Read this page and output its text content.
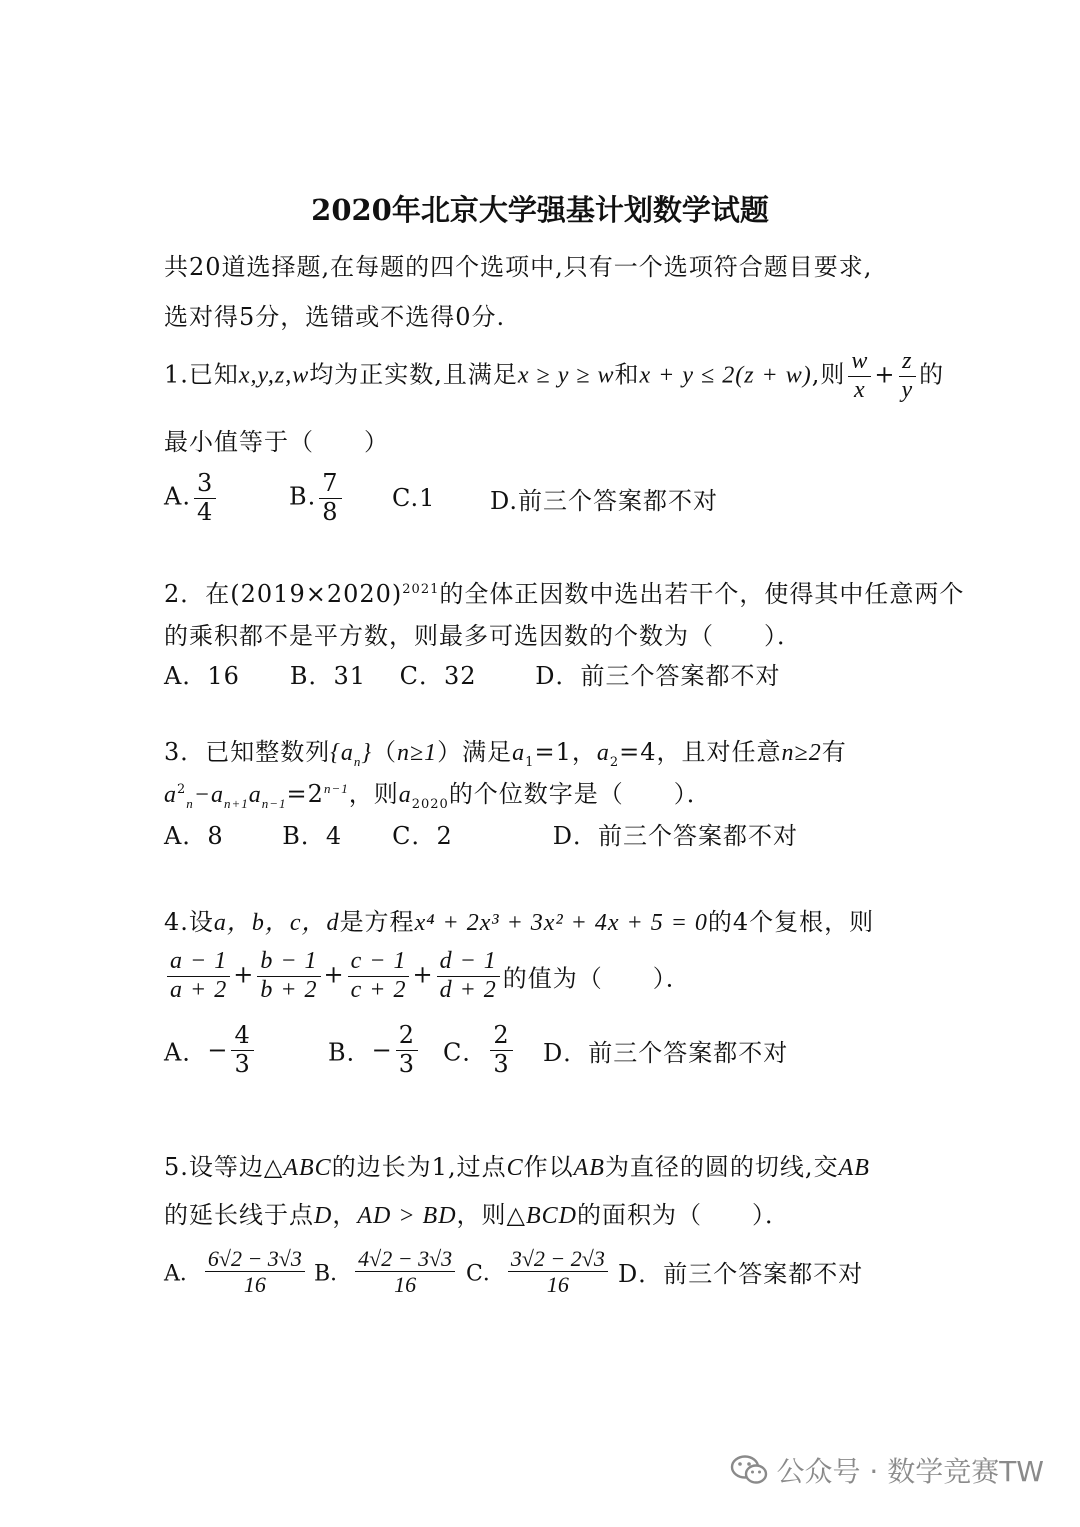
2020年北京大学强基计划数学试题
共20道选择题,在每题的四个选项中,只有一个选项符合题目要求,
选对得5分，选错或不选得0分.
1.已知x,y,z,w均为正实数,且满足x ≥ y ≥ w和x + y ≤ 2(z + w),则 $\frac{w}{x} + \frac{z}{y}$ 的
最小值等于（　　）
A. $\frac{3}{4}$	B. $\frac{7}{8} C.1$ D.前三个答案都不对
2．在$(2019\times 2020)^{2021}$的全体正因数中选出若干个，使得其中任意两个
的乘积都不是平方数，则最多可选因数的个数为（　　）．
A．16　　B．31　 C．32　　 D．前三个答案都不对
3．已知整数列$\{a_n\}(n\ge 1)$满足$a_1=1$，$a_2=4$，且对任意n≥2有
$a^2_n-a_{n+1}a_{n-1}=2^{n-1}$，则$a_{2020}$的个位数字是（　　）．
A．8　　 B．4　　C．2　　　　D．前三个答案都不对
4.设a，b，c，d是方程x⁴ + 2x³ + 3x² + 4x + 5 = 0的4个复根，则
$\frac{a - 1}{a + 2} + \frac{b - 1}{b + 2} + \frac{c - 1}{c + 2} + \frac{d - 1}{d + 2}$ 的值为（　　）．
A．− $\frac{4}{3}$	B．− $\frac{2}{3}$ C． $\frac{2}{3}$ D．前三个答案都不对
5.设等边△ABC的边长为1,过点C作以AB为直径的圆的切线,交AB
的延长线于点D，AD > BD，则△BCD的面积为（　　）．
A． $\frac{6√2 - 3√3}{16}$ B． $\frac{4√2 - 3√3}{16}$ C． $\frac{3√2 - 2√3}{16}$ D．前三个答案都不对
公众号 · 数学竞赛TW
